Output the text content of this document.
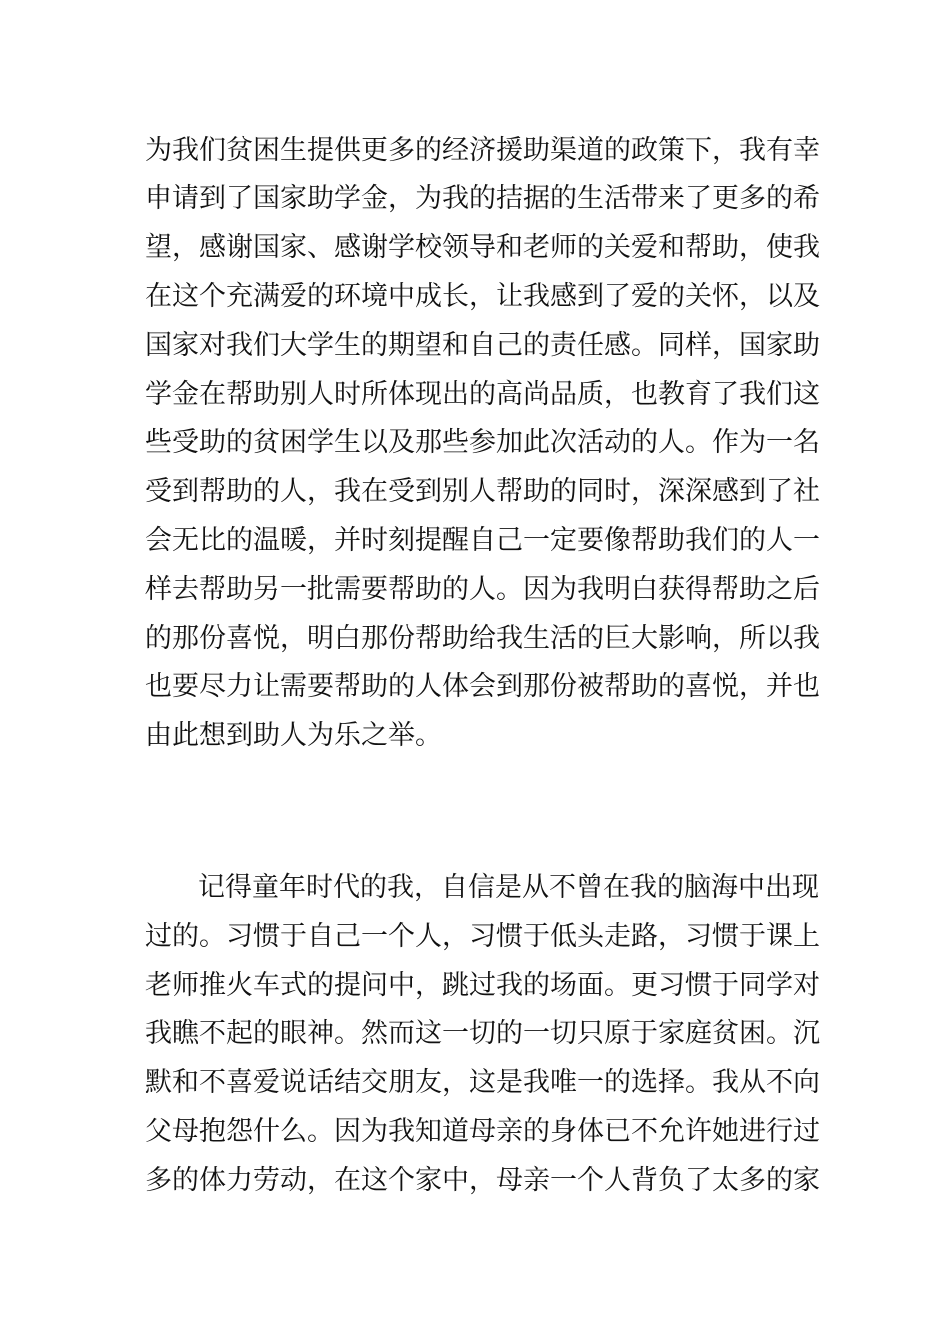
为我们贫困生提供更多的经济援助渠道的政策下，我有幸

申请到了国家助学金，为我的拮据的生活带来了更多的希

望，感谢国家、感谢学校领导和老师的关爱和帮助，使我

在这个充满爱的环境中成长，让我感到了爱的关怀，以及

国家对我们大学生的期望和自己的责任感。同样，国家助

学金在帮助别人时所体现出的高尚品质，也教育了我们这

些受助的贫困学生以及那些参加此次活动的人。作为一名

受到帮助的人，我在受到别人帮助的同时，深深感到了社

会无比的温暖，并时刻提醒自己一定要像帮助我们的人一

样去帮助另一批需要帮助的人。因为我明白获得帮助之后

的那份喜悦，明白那份帮助给我生活的巨大影响，所以我

也要尽力让需要帮助的人体会到那份被帮助的喜悦，并也

由此想到助人为乐之举。

记得童年时代的我，自信是从不曾在我的脑海中出现

过的。习惯于自己一个人，习惯于低头走路，习惯于课上

老师推火车式的提问中，跳过我的场面。更习惯于同学对

我瞧不起的眼神。然而这一切的一切只原于家庭贫困。沉

默和不喜爱说话结交朋友，这是我唯一的选择。我从不向

父母抱怨什么。因为我知道母亲的身体已不允许她进行过

多的体力劳动，在这个家中，母亲一个人背负了太多的家
